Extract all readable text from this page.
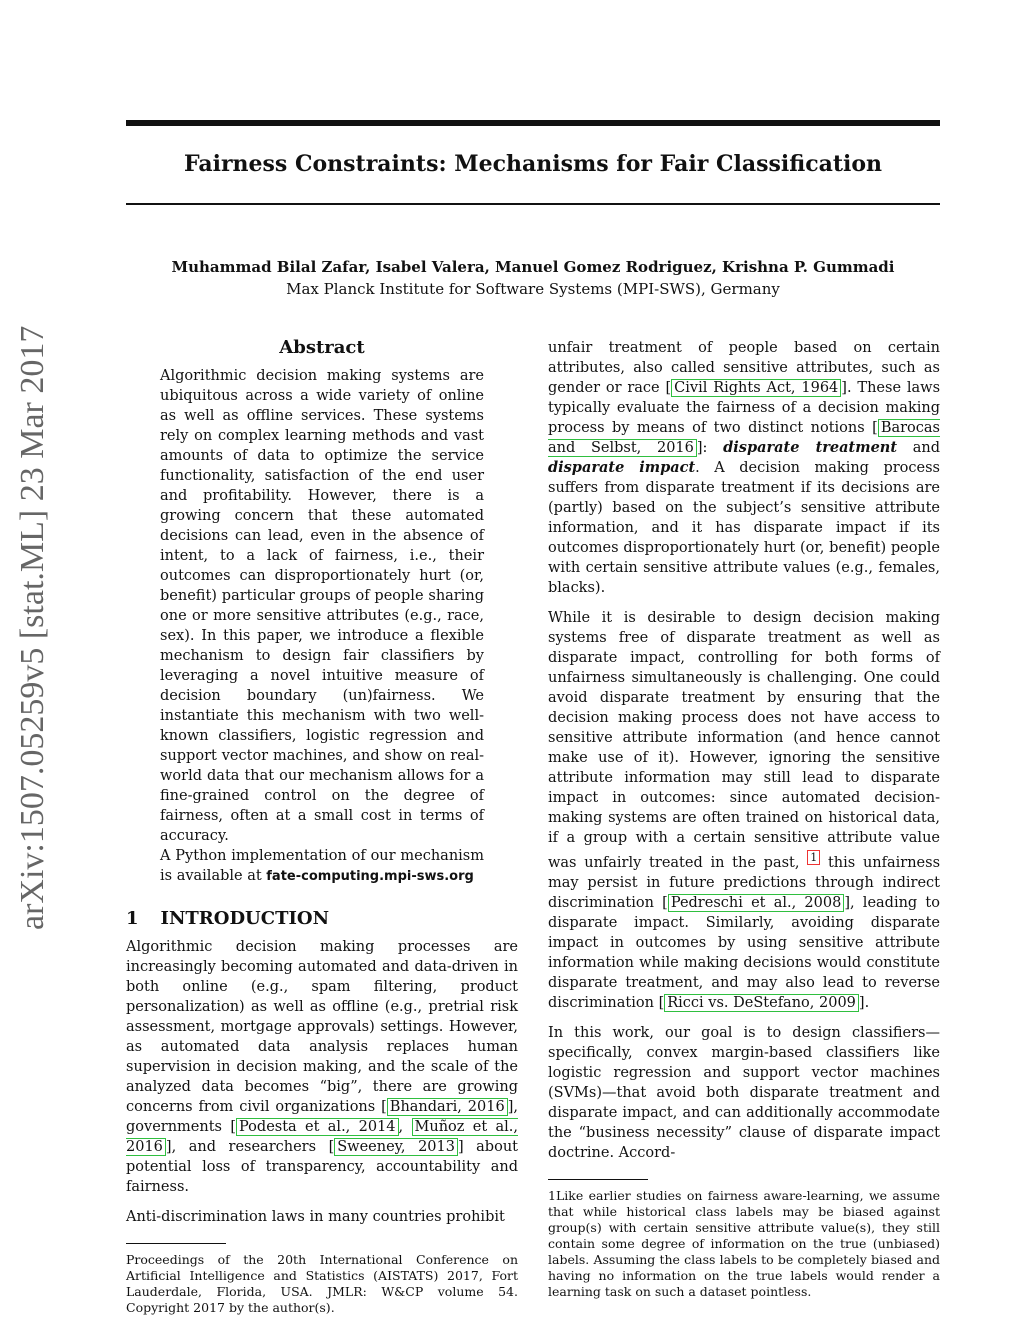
arXiv:1507.05259v5 [stat.ML] 23 Mar 2017
Fairness Constraints: Mechanisms for Fair Classification
Muhammad Bilal Zafar, Isabel Valera, Manuel Gomez Rodriguez, Krishna P. Gummadi
Max Planck Institute for Software Systems (MPI-SWS), Germany
Abstract

Algorithmic decision making systems are ubiquitous across a wide variety of online as well as offline services. These systems rely on complex learning methods and vast amounts of data to optimize the service functionality, satisfaction of the end user and profitability. However, there is a growing concern that these automated decisions can lead, even in the absence of intent, to a lack of fairness, i.e., their outcomes can disproportionately hurt (or, benefit) particular groups of people sharing one or more sensitive attributes (e.g., race, sex). In this paper, we introduce a flexible mechanism to design fair classifiers by leveraging a novel intuitive measure of decision boundary (un)fairness. We instantiate this mechanism with two well-known classifiers, logistic regression and support vector machines, and show on real-world data that our mechanism allows for a fine-grained control on the degree of fairness, often at a small cost in terms of accuracy.

A Python implementation of our mechanism is available at fate-computing.mpi-sws.org

1 INTRODUCTION

Algorithmic decision making processes are increasingly becoming automated and data-driven in both online (e.g., spam filtering, product personalization) as well as offline (e.g., pretrial risk assessment, mortgage approvals) settings. However, as automated data analysis replaces human supervision in decision making, and the scale of the analyzed data becomes “big”, there are growing concerns from civil organizations [ Bhandari, 2016 ], governments [ Podesta et al., 2014 , Muñoz et al., 2016 ], and researchers [ Sweeney, 2013 ] about potential loss of transparency, accountability and fairness.

Anti-discrimination laws in many countries prohibit

Proceedings of the 20th International Conference on Artificial Intelligence and Statistics (AISTATS) 2017, Fort Lauderdale, Florida, USA. JMLR: W&CP volume 54. Copyright 2017 by the author(s).

unfair treatment of people based on certain attributes, also called sensitive attributes, such as gender or race [ Civil Rights Act, 1964 ]. These laws typically evaluate the fairness of a decision making process by means of two distinct notions [ Barocas and Selbst, 2016 ]: disparate treatment and disparate impact. A decision making process suffers from disparate treatment if its decisions are (partly) based on the subject’s sensitive attribute information, and it has disparate impact if its outcomes disproportionately hurt (or, benefit) people with certain sensitive attribute values (e.g., females, blacks).

While it is desirable to design decision making systems free of disparate treatment as well as disparate impact, controlling for both forms of unfairness simultaneously is challenging. One could avoid disparate treatment by ensuring that the decision making process does not have access to sensitive attribute information (and hence cannot make use of it). However, ignoring the sensitive attribute information may still lead to disparate impact in outcomes: since automated decision-making systems are often trained on historical data, if a group with a certain sensitive attribute value was unfairly treated in the past, $^1$ this unfairness may persist in future predictions through indirect discrimination [ Pedreschi et al., 2008 ], leading to disparate impact. Similarly, avoiding disparate impact in outcomes by using sensitive attribute information while making decisions would constitute disparate treatment, and may also lead to reverse discrimination [ Ricci vs. DeStefano, 2009 ].

In this work, our goal is to design classifiers— specifically, convex margin-based classifiers like logistic regression and support vector machines (SVMs)—that avoid both disparate treatment and disparate impact, and can additionally accommodate the “business necessity” clause of disparate impact doctrine. Accord-

1Like earlier studies on fairness aware-learning, we assume that while historical class labels may be biased against group(s) with certain sensitive attribute value(s), they still contain some degree of information on the true (unbiased) labels. Assuming the class labels to be completely biased and having no information on the true labels would render a learning task on such a dataset pointless.
